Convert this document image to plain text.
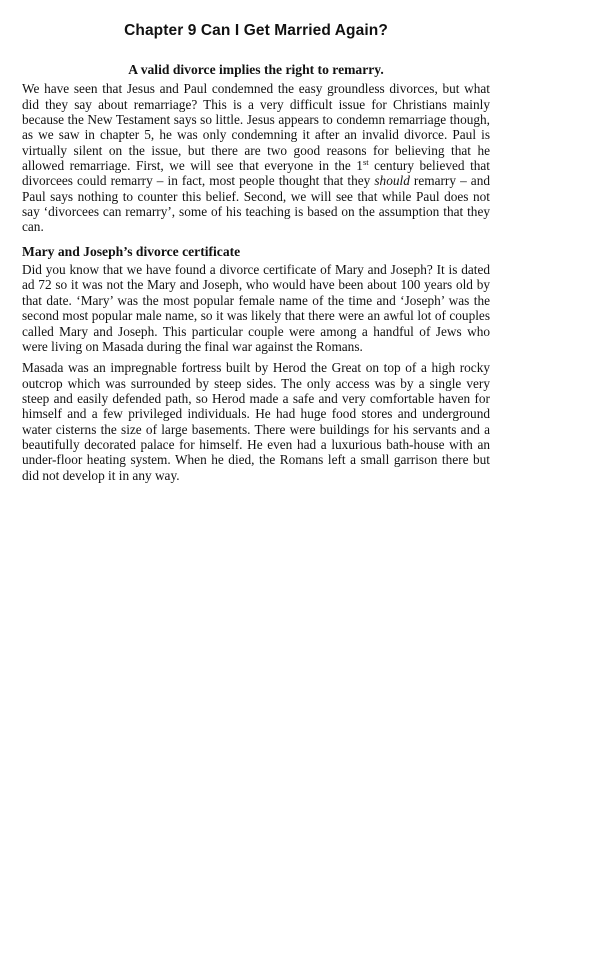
Chapter 9 Can I Get Married Again?
A valid divorce implies the right to remarry.

We have seen that Jesus and Paul condemned the easy groundless divorces, but what did they say about remarriage? This is a very difficult issue for Christians mainly because the New Testament says so little. Jesus appears to condemn remarriage though, as we saw in chapter 5, he was only condemning it after an invalid divorce. Paul is virtually silent on the issue, but there are two good reasons for believing that he allowed remarriage. First, we will see that everyone in the 1st century believed that divorcees could remarry – in fact, most people thought that they should remarry – and Paul says nothing to counter this belief. Second, we will see that while Paul does not say ‘divorcees can remarry’, some of his teaching is based on the assumption that they can.

Mary and Joseph’s divorce certificate

Did you know that we have found a divorce certificate of Mary and Joseph? It is dated ad 72 so it was not the Mary and Joseph, who would have been about 100 years old by that date. ‘Mary’ was the most popular female name of the time and ‘Joseph’ was the second most popular male name, so it was likely that there were an awful lot of couples called Mary and Joseph. This particular couple were among a handful of Jews who were living on Masada during the final war against the Romans.

Masada was an impregnable fortress built by Herod the Great on top of a high rocky outcrop which was surrounded by steep sides. The only access was by a single very steep and easily defended path, so Herod made a safe and very comfortable haven for himself and a few privileged individuals. He had huge food stores and underground water cisterns the size of large basements. There were buildings for his servants and a beautifully decorated palace for himself. He even had a luxurious bath-house with an under-floor heating system. When he died, the Romans left a small garrison there but did not develop it in any way.
